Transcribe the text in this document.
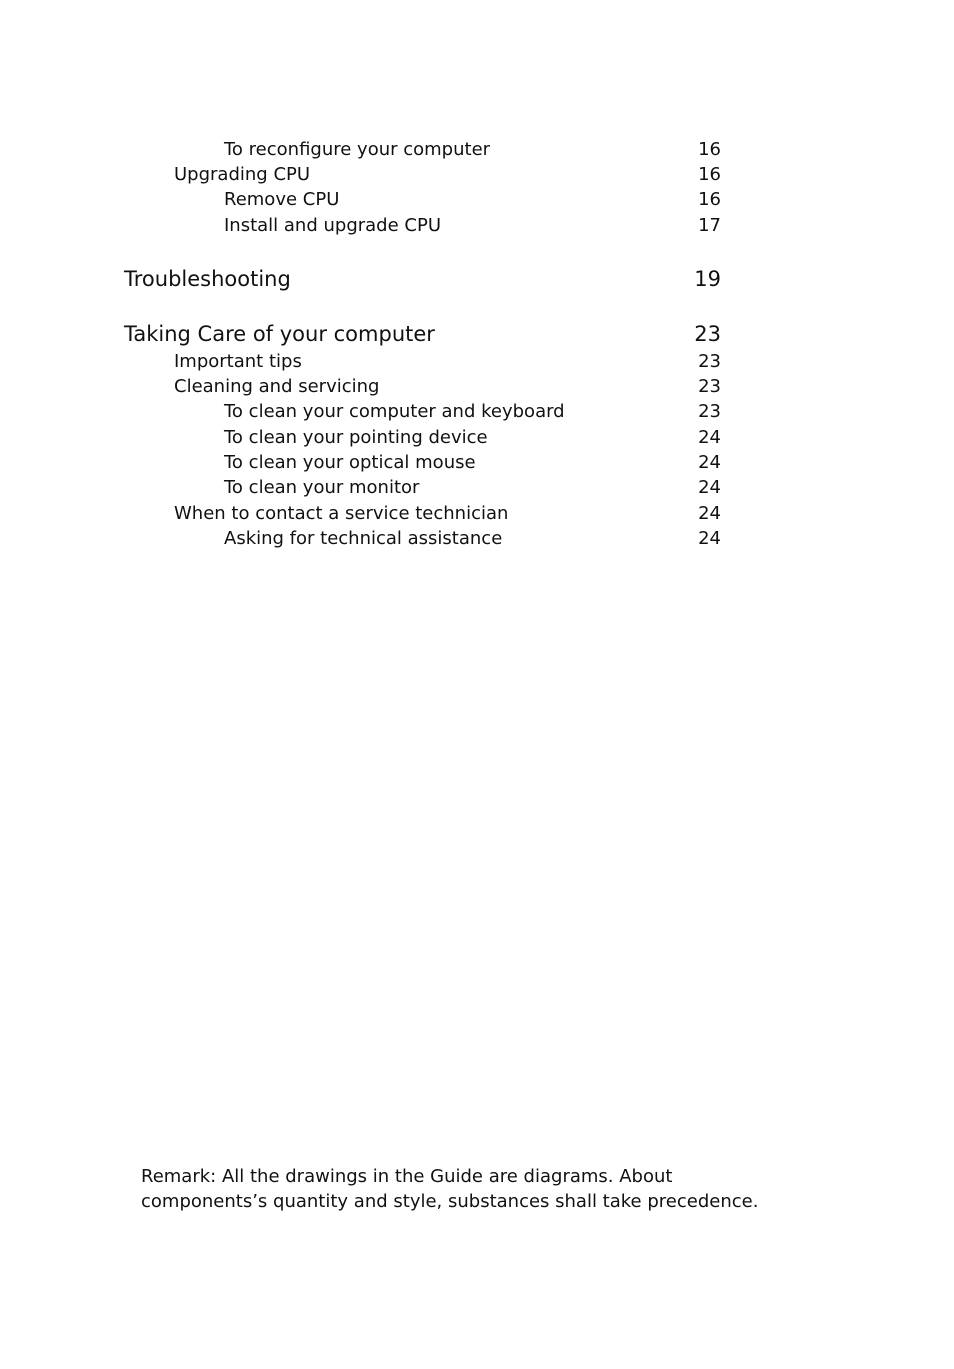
To reconfigure your computer	16
Upgrading CPU	16
Remove CPU	16
Install and upgrade CPU	17
Troubleshooting	19
Taking Care of your computer	23
Important tips	23
Cleaning and servicing	23
To clean your computer and keyboard	23
To clean your pointing device	24
To clean your optical mouse	24
To clean your monitor	24
When to contact a service technician	24
Asking for technical assistance	24
Remark: All the drawings in the Guide are diagrams. About
components’s quantity and style, substances shall take precedence.
